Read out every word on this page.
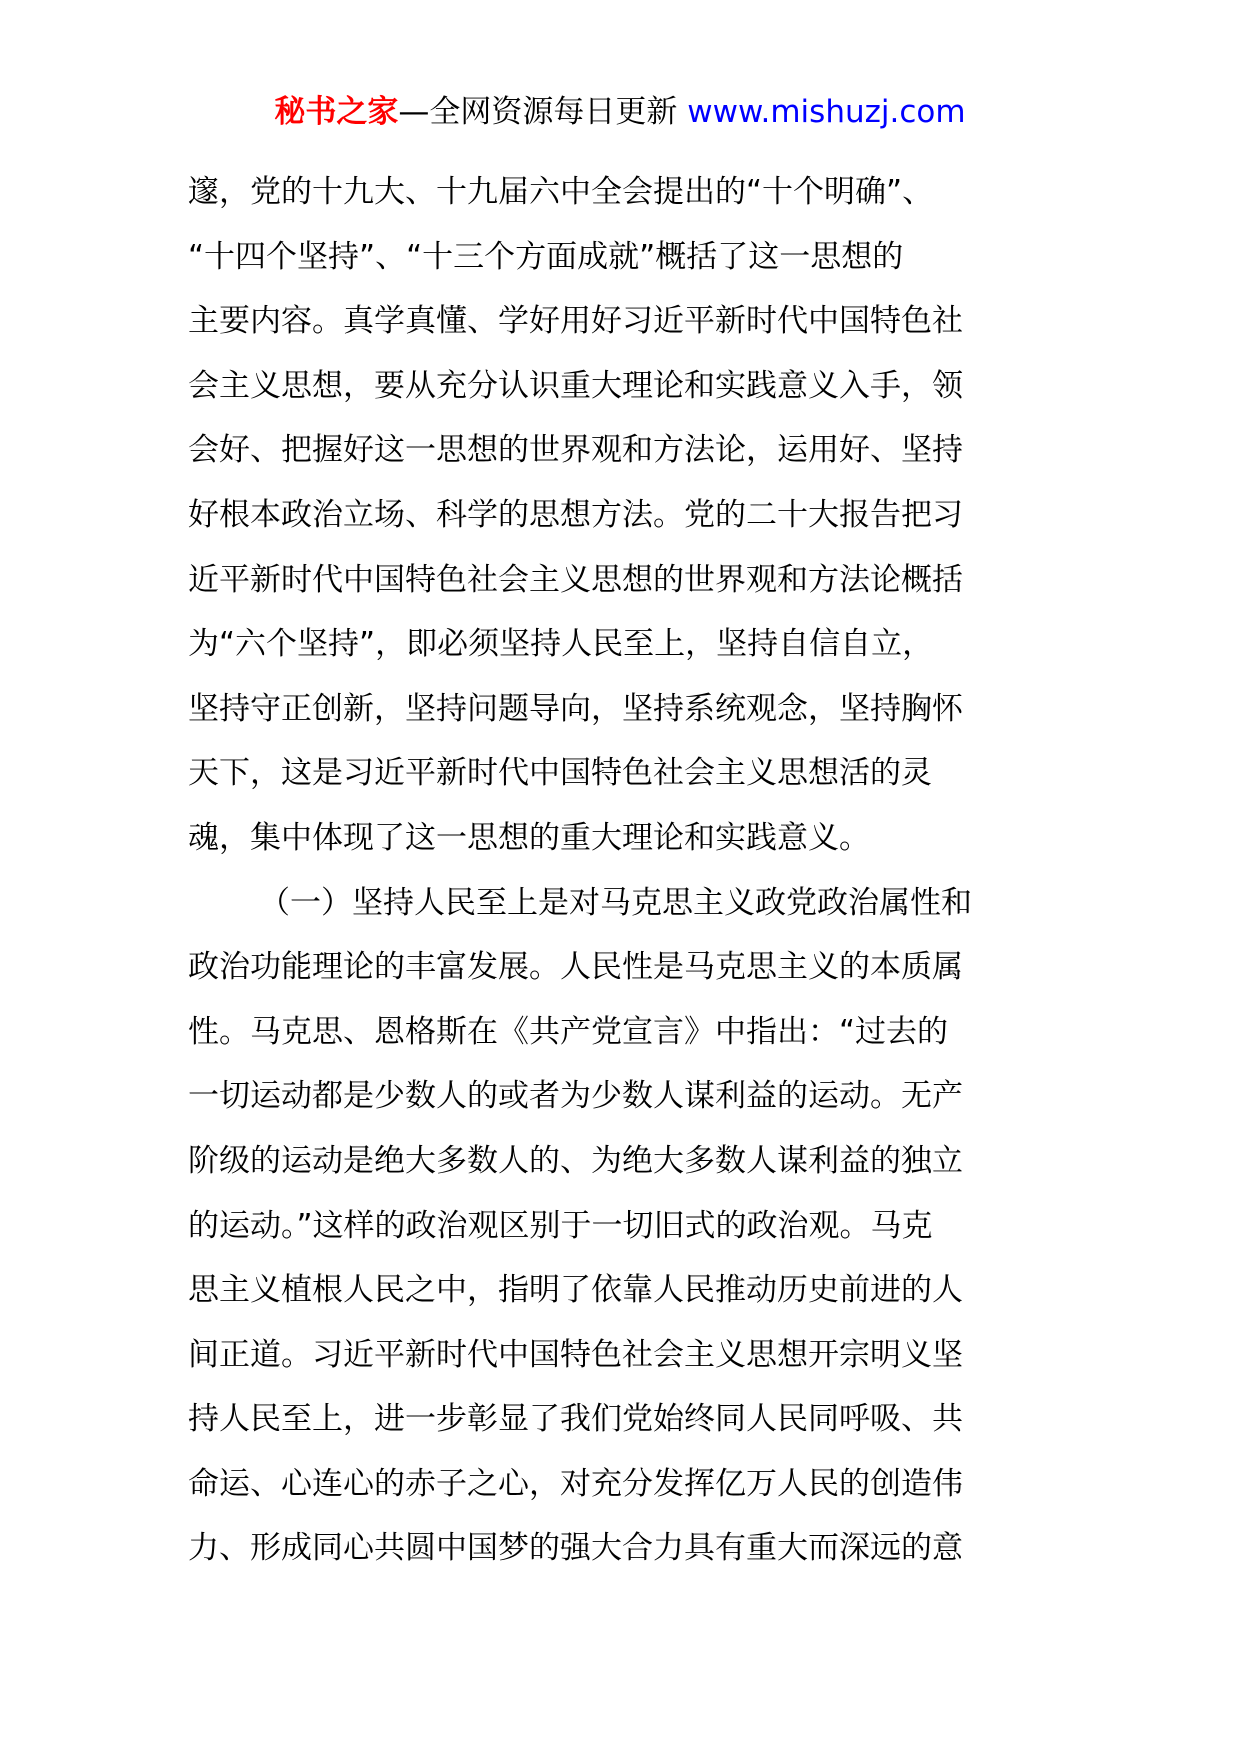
秘书之家—全网资源每日更新 www.mishuzj.com
邃，党的十九大、十九届六中全会提出的“十个明确”、
“十四个坚持”、“十三个方面成就”概括了这一思想的
主要内容。真学真懂、学好用好习近平新时代中国特色社
会主义思想，要从充分认识重大理论和实践意义入手，领
会好、把握好这一思想的世界观和方法论，运用好、坚持
好根本政治立场、科学的思想方法。党的二十大报告把习
近平新时代中国特色社会主义思想的世界观和方法论概括
为“六个坚持”，即必须坚持人民至上，坚持自信自立，
坚持守正创新，坚持问题导向，坚持系统观念，坚持胸怀
天下，这是习近平新时代中国特色社会主义思想活的灵
魂，集中体现了这一思想的重大理论和实践意义。
（一）坚持人民至上是对马克思主义政党政治属性和
政治功能理论的丰富发展。人民性是马克思主义的本质属
性。马克思、恩格斯在《共产党宣言》中指出：“过去的
一切运动都是少数人的或者为少数人谋利益的运动。无产
阶级的运动是绝大多数人的、为绝大多数人谋利益的独立
的运动。”这样的政治观区别于一切旧式的政治观。马克
思主义植根人民之中，指明了依靠人民推动历史前进的人
间正道。习近平新时代中国特色社会主义思想开宗明义坚
持人民至上，进一步彰显了我们党始终同人民同呼吸、共
命运、心连心的赤子之心，对充分发挥亿万人民的创造伟
力、形成同心共圆中国梦的强大合力具有重大而深远的意
